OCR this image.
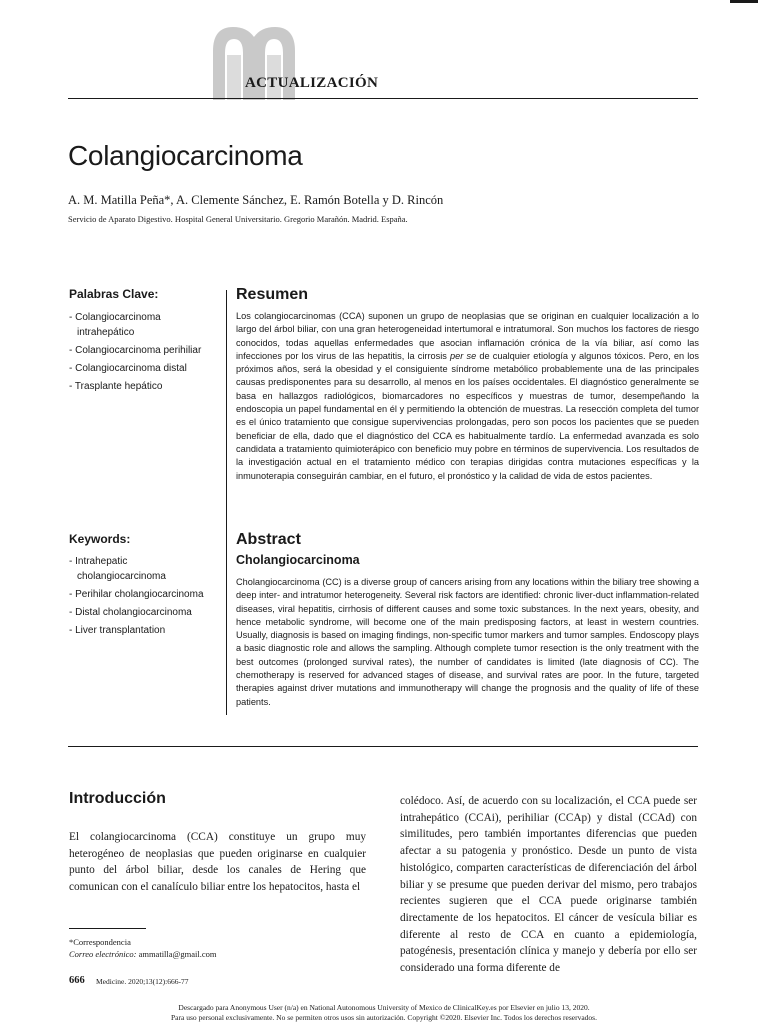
ACTUALIZACIÓN
Colangiocarcinoma
A. M. Matilla Peña*, A. Clemente Sánchez, E. Ramón Botella y D. Rincón
Servicio de Aparato Digestivo. Hospital General Universitario. Gregorio Marañón. Madrid. España.
Palabras Clave:
- Colangiocarcinoma intrahepático
- Colangiocarcinoma perihiliar
- Colangiocarcinoma distal
- Trasplante hepático
Keywords:
- Intrahepatic cholangiocarcinoma
- Perihilar cholangiocarcinoma
- Distal cholangiocarcinoma
- Liver transplantation
Resumen

Los colangiocarcinomas (CCA) suponen un grupo de neoplasias que se originan en cualquier localización a lo largo del árbol biliar, con una gran heterogeneidad intertumoral e intratumoral. Son muchos los factores de riesgo conocidos, todas aquellas enfermedades que asocian inflamación crónica de la vía biliar, así como las infecciones por los virus de las hepatitis, la cirrosis per se de cualquier etiología y algunos tóxicos. Pero, en los próximos años, será la obesidad y el consiguiente síndrome metabólico probablemente una de las principales causas predisponentes para su desarrollo, al menos en los países occidentales. El diagnóstico generalmente se basa en hallazgos radiológicos, biomarcadores no específicos y muestras de tumor, desempeñando la endoscopia un papel fundamental en él y permitiendo la obtención de muestras. La resección completa del tumor es el único tratamiento que consigue supervivencias prolongadas, pero son pocos los pacientes que se pueden beneficiar de ella, dado que el diagnóstico del CCA es habitualmente tardío. La enfermedad avanzada es solo candidata a tratamiento quimioterápico con beneficio muy pobre en términos de supervivencia. Los resultados de la investigación actual en el tratamiento médico con terapias dirigidas contra mutaciones específicas y la inmunoterapia conseguirán cambiar, en el futuro, el pronóstico y la calidad de vida de estos pacientes.

Abstract
Cholangiocarcinoma

Cholangiocarcinoma (CC) is a diverse group of cancers arising from any locations within the biliary tree showing a deep inter- and intratumor heterogeneity. Several risk factors are identified: chronic liver-duct inflammation-related diseases, viral hepatitis, cirrhosis of different causes and some toxic substances. In the next years, obesity, and hence metabolic syndrome, will become one of the main predisposing factors, at least in western countries. Usually, diagnosis is based on imaging findings, non-specific tumor markers and tumor samples. Endoscopy plays a basic diagnostic role and allows the sampling. Although complete tumor resection is the only treatment with the best outcomes (prolonged survival rates), the number of candidates is limited (late diagnosis of CC). The chemotherapy is reserved for advanced stages of disease, and survival rates are poor. In the future, targeted therapies against driver mutations and immunotherapy will change the prognosis and the quality of life of these patients.

Introducción

El colangiocarcinoma (CCA) constituye un grupo muy heterogéneo de neoplasias que pueden originarse en cualquier punto del árbol biliar, desde los canales de Hering que comunican con el canalículo biliar entre los hepatocitos, hasta el

colédoco. Así, de acuerdo con su localización, el CCA puede ser intrahepático (CCAi), perihiliar (CCAp) y distal (CCAd) con similitudes, pero también importantes diferencias que pueden afectar a su patogenia y pronóstico. Desde un punto de vista histológico, comparten características de diferenciación del árbol biliar y se presume que pueden derivar del mismo, pero trabajos recientes sugieren que el CCA puede originarse también directamente de los hepatocitos. El cáncer de vesícula biliar es diferente al resto de CCA en cuanto a epidemiología, patogénesis, presentación clínica y manejo y debería por ello ser considerado una forma diferente de

*Correspondencia
Correo electrónico: ammatilla@gmail.com
666 Medicine. 2020;13(12):666-77
Descargado para Anonymous User (n/a) en National Autonomous University of Mexico de ClinicalKey.es por Elsevier en julio 13, 2020.
Para uso personal exclusivamente. No se permiten otros usos sin autorización. Copyright ©2020. Elsevier Inc. Todos los derechos reservados.
